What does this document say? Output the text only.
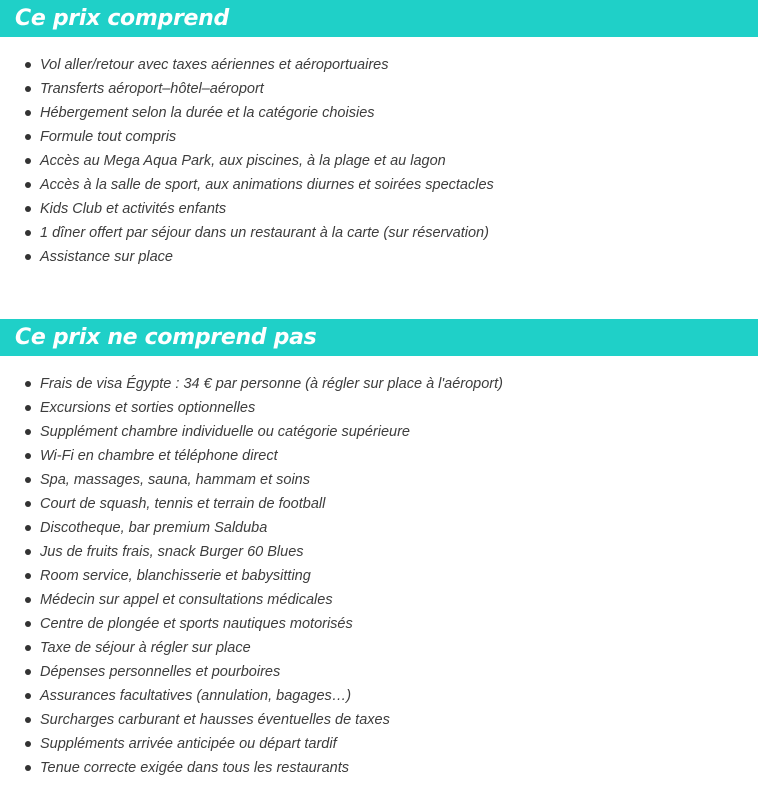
Ce prix comprend
Vol aller/retour avec taxes aériennes et aéroportuaires
Transferts aéroport–hôtel–aéroport
Hébergement selon la durée et la catégorie choisies
Formule tout compris
Accès au Mega Aqua Park, aux piscines, à la plage et au lagon
Accès à la salle de sport, aux animations diurnes et soirées spectacles
Kids Club et activités enfants
1 dîner offert par séjour dans un restaurant à la carte (sur réservation)
Assistance sur place
Ce prix ne comprend pas
Frais de visa Égypte : 34 € par personne (à régler sur place à l'aéroport)
Excursions et sorties optionnelles
Supplément chambre individuelle ou catégorie supérieure
Wi-Fi en chambre et téléphone direct
Spa, massages, sauna, hammam et soins
Court de squash, tennis et terrain de football
Discotheque, bar premium Salduba
Jus de fruits frais, snack Burger 60 Blues
Room service, blanchisserie et babysitting
Médecin sur appel et consultations médicales
Centre de plongée et sports nautiques motorisés
Taxe de séjour à régler sur place
Dépenses personnelles et pourboires
Assurances facultatives (annulation, bagages…)
Surcharges carburant et hausses éventuelles de taxes
Suppléments arrivée anticipée ou départ tardif
Tenue correcte exigée dans tous les restaurants
